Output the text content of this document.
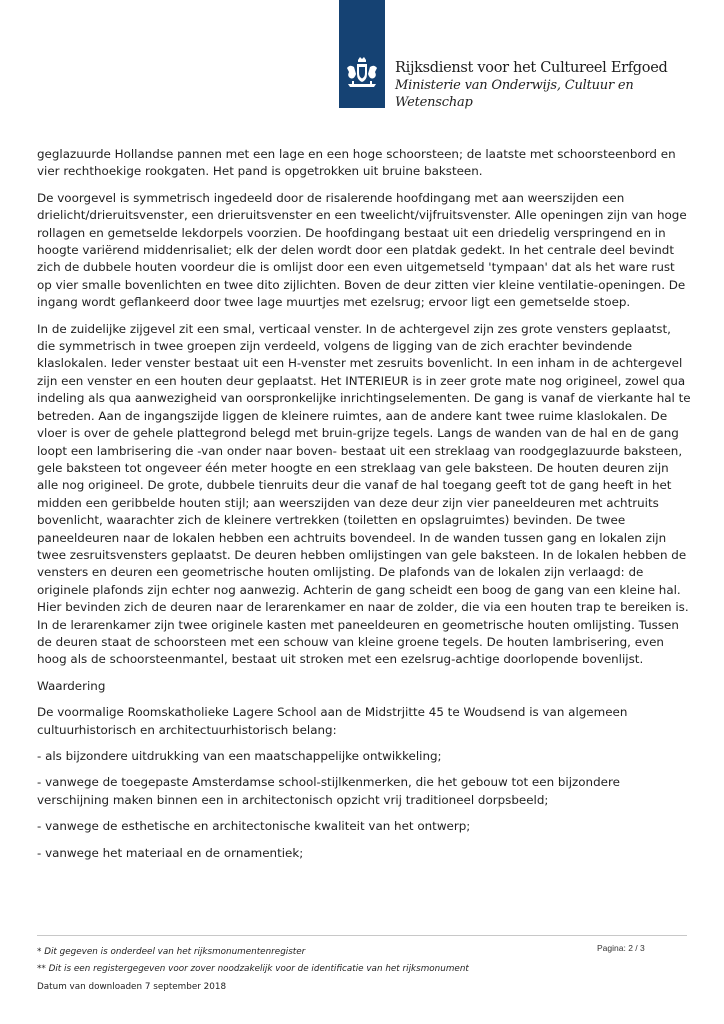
Rijksdienst voor het Cultureel Erfgoed
Ministerie van Onderwijs, Cultuur en
Wetenschap

geglazuurde Hollandse pannen met een lage en een hoge schoorsteen; de laatste met schoorsteenbord en vier rechthoekige rookgaten. Het pand is opgetrokken uit bruine baksteen.

De voorgevel is symmetrisch ingedeeld door de risalerende hoofdingang met aan weerszijden een drielicht/drieruitsvenster, een drieruitsvenster en een tweelicht/vijfruitsvenster. Alle openingen zijn van hoge rollagen en gemetselde lekdorpels voorzien. De hoofdingang bestaat uit een driedelig verspringend en in hoogte variërend middenrisaliet; elk der delen wordt door een platdak gedekt. In het centrale deel bevindt zich de dubbele houten voordeur die is omlijst door een even uitgemetseld 'tympaan' dat als het ware rust op vier smalle bovenlichten en twee dito zijlichten. Boven de deur zitten vier kleine ventilatie-openingen. De ingang wordt geflankeerd door twee lage muurtjes met ezelsrug; ervoor ligt een gemetselde stoep.

In de zuidelijke zijgevel zit een smal, verticaal venster. In de achtergevel zijn zes grote vensters geplaatst, die symmetrisch in twee groepen zijn verdeeld, volgens de ligging van de zich erachter bevindende klaslokalen. Ieder venster bestaat uit een H-venster met zesruits bovenlicht. In een inham in de achtergevel zijn een venster en een houten deur geplaatst. Het INTERIEUR is in zeer grote mate nog origineel, zowel qua indeling als qua aanwezigheid van oorspronkelijke inrichtingselementen. De gang is vanaf de vierkante hal te betreden. Aan de ingangszijde liggen de kleinere ruimtes, aan de andere kant twee ruime klaslokalen. De vloer is over de gehele plattegrond belegd met bruin-grijze tegels. Langs de wanden van de hal en de gang loopt een lambrisering die -van onder naar boven- bestaat uit een streklaag van roodgeglazuurde baksteen, gele baksteen tot ongeveer één meter hoogte en een streklaag van gele baksteen. De houten deuren zijn alle nog origineel. De grote, dubbele tienruits deur die vanaf de hal toegang geeft tot de gang heeft in het midden een geribbelde houten stijl; aan weerszijden van deze deur zijn vier paneeldeuren met achtruits bovenlicht, waarachter zich de kleinere vertrekken (toiletten en opslagruimtes) bevinden. De twee paneeldeuren naar de lokalen hebben een achtruits bovendeel. In de wanden tussen gang en lokalen zijn twee zesruitsvensters geplaatst. De deuren hebben omlijstingen van gele baksteen. In de lokalen hebben de vensters en deuren een geometrische houten omlijsting. De plafonds van de lokalen zijn verlaagd: de originele plafonds zijn echter nog aanwezig. Achterin de gang scheidt een boog de gang van een kleine hal. Hier bevinden zich de deuren naar de lerarenkamer en naar de zolder, die via een houten trap te bereiken is. In de lerarenkamer zijn twee originele kasten met paneeldeuren en geometrische houten omlijsting. Tussen de deuren staat de schoorsteen met een schouw van kleine groene tegels. De houten lambrisering, even hoog als de schoorsteenmantel, bestaat uit stroken met een ezelsrug-achtige doorlopende bovenlijst.

Waardering

De voormalige Roomskatholieke Lagere School aan de Midstrjitte 45 te Woudsend is van algemeen cultuurhistorisch en architectuurhistorisch belang:

- als bijzondere uitdrukking van een maatschappelijke ontwikkeling;

- vanwege de toegepaste Amsterdamse school-stijlkenmerken, die het gebouw tot een bijzondere verschijning maken binnen een in architectonisch opzicht vrij traditioneel dorpsbeeld;

- vanwege de esthetische en architectonische kwaliteit van het ontwerp;

- vanwege het materiaal en de ornamentiek;

Pagina: 2 / 3
* Dit gegeven is onderdeel van het rijksmonumentenregister
** Dit is een registergegeven voor zover noodzakelijk voor de identificatie van het rijksmonument
Datum van downloaden 7 september 2018
